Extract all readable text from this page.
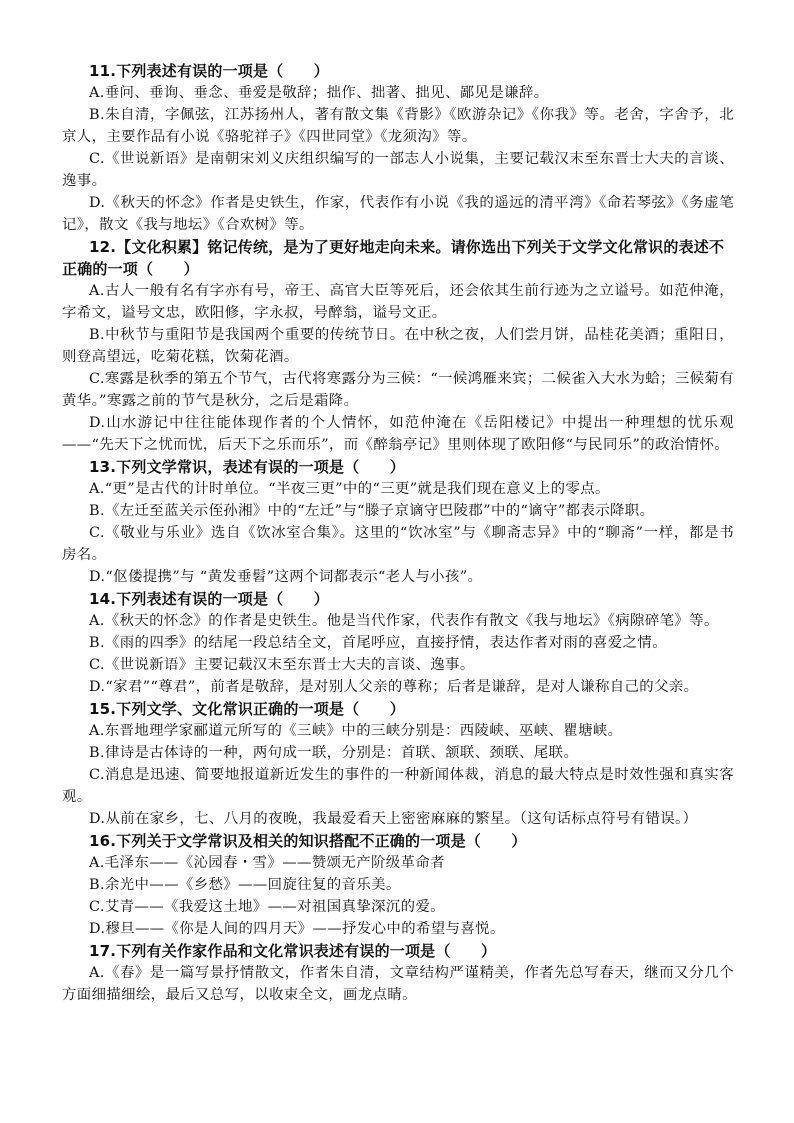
11.下列表述有误的一项是（　　）

A.垂问、垂询、垂念、垂爱是敬辞；拙作、拙著、拙见、鄙见是谦辞。

B.朱自清，字佩弦，江苏扬州人，著有散文集《背影》《欧游杂记》《你我》等。老舍，字舍予，北京人，主要作品有小说《骆驼祥子》《四世同堂》《龙须沟》等。

C.《世说新语》是南朝宋刘义庆组织编写的一部志人小说集，主要记载汉末至东晋士大夫的言谈、逸事。

D.《秋天的怀念》作者是史铁生，作家，代表作有小说《我的遥远的清平湾》《命若琴弦》《务虚笔记》，散文《我与地坛》《合欢树》等。

12.【文化积累】铭记传统，是为了更好地走向未来。请你选出下列关于文学文化常识的表述不正确的一项（　　）

A.古人一般有名有字亦有号，帝王、高官大臣等死后，还会依其生前行迹为之立谥号。如范仲淹，字希文，谥号文忠，欧阳修，字永叔，号醉翁，谥号文正。

B.中秋节与重阳节是我国两个重要的传统节日。在中秋之夜，人们尝月饼，品桂花美酒；重阳日，则登高望远，吃菊花糕，饮菊花酒。

C.寒露是秋季的第五个节气，古代将寒露分为三候：“一候鸿雁来宾；二候雀入大水为蛤；三候菊有黄华。”寒露之前的节气是秋分，之后是霜降。

D.山水游记中往往能体现作者的个人情怀，如范仲淹在《岳阳楼记》中提出一种理想的忧乐观——“先天下之忧而忧，后天下之乐而乐”，而《醉翁亭记》里则体现了欧阳修“与民同乐”的政治情怀。

13.下列文学常识，表述有误的一项是（　　）

A.“更”是古代的计时单位。“半夜三更”中的“三更”就是我们现在意义上的零点。

B.《左迁至蓝关示侄孙湘》中的“左迁”与“滕子京谪守巴陵郡”中的“谪守”都表示降职。

C.《敬业与乐业》选自《饮冰室合集》。这里的“饮冰室”与《聊斋志异》中的“聊斋”一样，都是书房名。

D.“伛偻提携”与 “黄发垂髫”这两个词都表示“老人与小孩”。

14.下列表述有误的一项是（　　）

A.《秋天的怀念》的作者是史铁生。他是当代作家，代表作有散文《我与地坛》《病隙碎笔》等。

B.《雨的四季》的结尾一段总结全文，首尾呼应，直接抒情，表达作者对雨的喜爱之情。

C.《世说新语》主要记载汉末至东晋士大夫的言谈、逸事。

D.“家君”“尊君”，前者是敬辞，是对别人父亲的尊称；后者是谦辞，是对人谦称自己的父亲。

15.下列文学、文化常识正确的一项是（　　）

A.东晋地理学家郦道元所写的《三峡》中的三峡分别是：西陵峡、巫峡、瞿塘峡。

B.律诗是古体诗的一种，两句成一联，分别是：首联、颔联、颈联、尾联。

C.消息是迅速、简要地报道新近发生的事件的一种新闻体裁，消息的最大特点是时效性强和真实客观。

D.从前在家乡，七、八月的夜晚，我最爱看天上密密麻麻的繁星。（这句话标点符号有错误。）

16.下列关于文学常识及相关的知识搭配不正确的一项是（　　）

A.毛泽东——《沁园春・雪》——赞颂无产阶级革命者

B.余光中——《乡愁》——回旋往复的音乐美。

C.艾青——《我爱这土地》——对祖国真挚深沉的爱。

D.穆旦——《你是人间的四月天》——抒发心中的希望与喜悦。

17.下列有关作家作品和文化常识表述有误的一项是（　　）

A.《春》是一篇写景抒情散文，作者朱自清，文章结构严谨精美，作者先总写春天，继而又分几个方面细描细绘，最后又总写，以收束全文，画龙点睛。
